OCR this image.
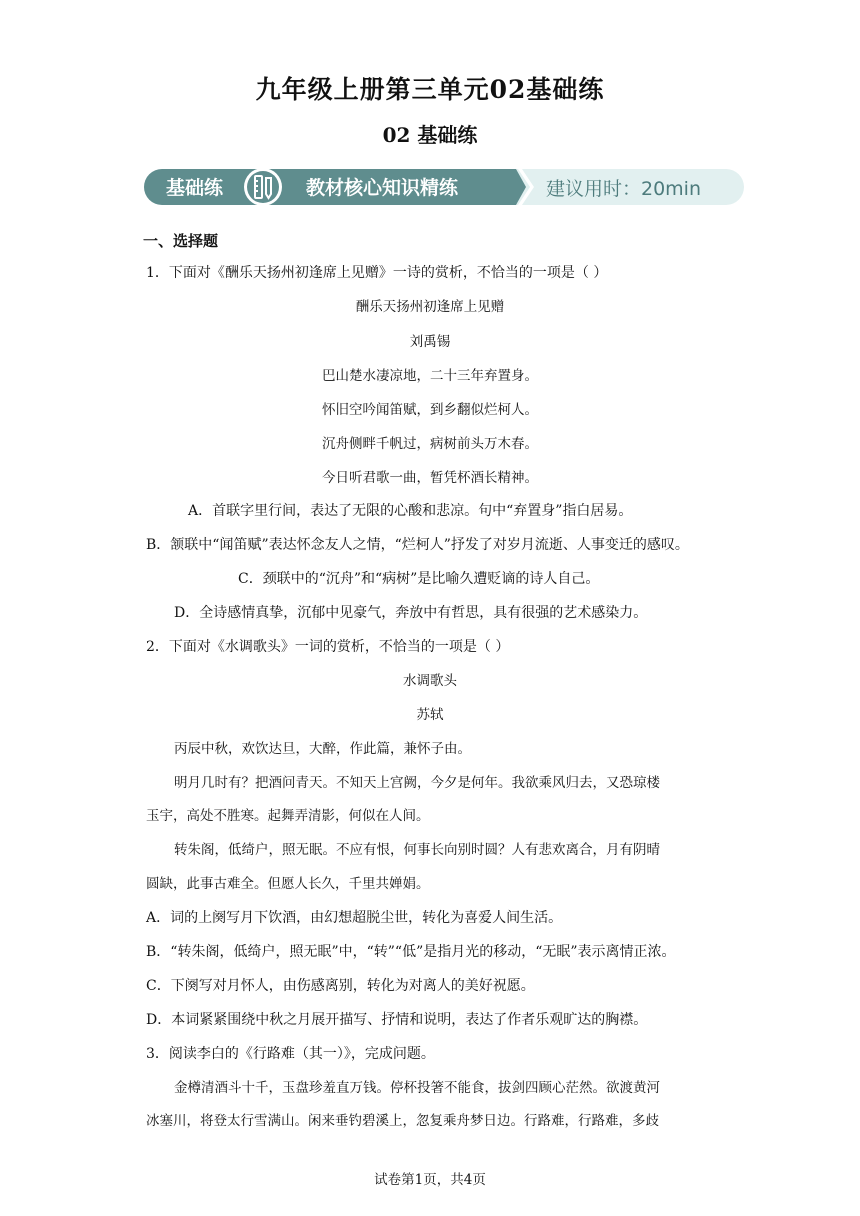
九年级上册第三单元02基础练
02 基础练
基础练	教材核心知识精练	建议用时：20min
一、选择题
1．下面对《酬乐天扬州初逢席上见赠》一诗的赏析，不恰当的一项是（ ）
酬乐天扬州初逢席上见赠
刘禹锡
巴山楚水凄凉地，二十三年弃置身。
怀旧空吟闻笛赋，到乡翻似烂柯人。
沉舟侧畔千帆过，病树前头万木春。
今日听君歌一曲，暂凭杯酒长精神。
A．首联字里行间，表达了无限的心酸和悲凉。句中“弃置身”指白居易。
B．颔联中“闻笛赋”表达怀念友人之情，“烂柯人”抒发了对岁月流逝、人事变迁的感叹。
C．颈联中的“沉舟”和“病树”是比喻久遭贬谪的诗人自己。
D．全诗感情真挚，沉郁中见豪气，奔放中有哲思，具有很强的艺术感染力。
2．下面对《水调歌头》一词的赏析，不恰当的一项是（ ）
水调歌头
苏轼
丙辰中秋，欢饮达旦，大醉，作此篇，兼怀子由。
明月几时有？把酒问青天。不知天上宫阙，今夕是何年。我欲乘风归去，又恐琼楼
玉宇，高处不胜寒。起舞弄清影，何似在人间。
转朱阁，低绮户，照无眠。不应有恨，何事长向别时圆？人有悲欢离合，月有阴晴
圆缺，此事古难全。但愿人长久，千里共婵娟。
A．词的上阕写月下饮酒，由幻想超脱尘世，转化为喜爱人间生活。
B．“转朱阁，低绮户，照无眠”中，“转”“低”是指月光的移动，“无眠”表示离情正浓。
C．下阕写对月怀人，由伤感离别，转化为对离人的美好祝愿。
D．本词紧紧围绕中秋之月展开描写、抒情和说明，表达了作者乐观旷达的胸襟。
3．阅读李白的《行路难（其一）》，完成问题。
金樽清酒斗十千，玉盘珍羞直万钱。停杯投箸不能食，拔剑四顾心茫然。欲渡黄河
冰塞川，将登太行雪满山。闲来垂钓碧溪上，忽复乘舟梦日边。行路难，行路难，多歧
试卷第1页，共4页
